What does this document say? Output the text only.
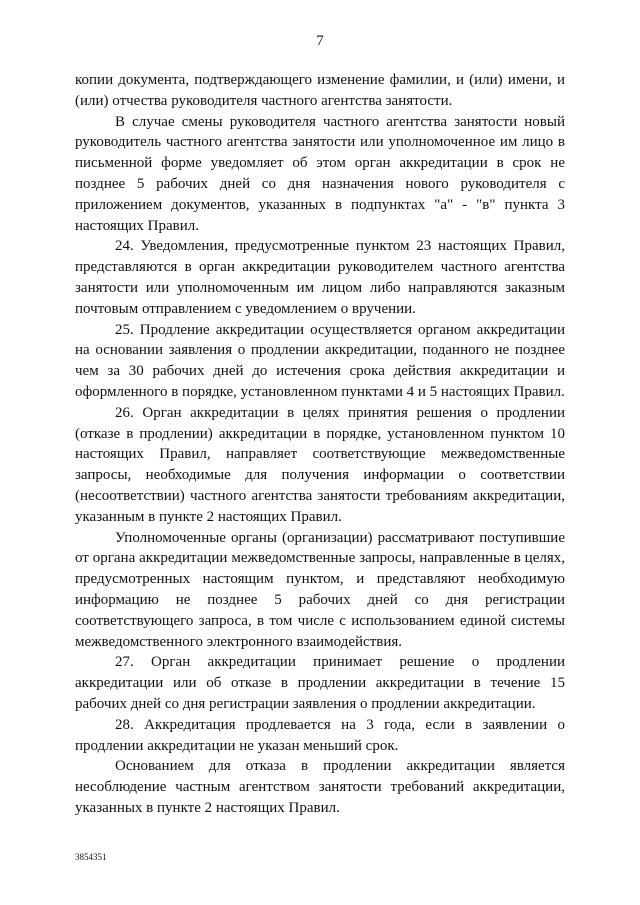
7

копии документа, подтверждающего изменение фамилии, и (или) имени, и (или) отчества руководителя частного агентства занятости.

В случае смены руководителя частного агентства занятости новый руководитель частного агентства занятости или уполномоченное им лицо в письменной форме уведомляет об этом орган аккредитации в срок не позднее 5 рабочих дней со дня назначения нового руководителя с приложением документов, указанных в подпунктах "а" - "в" пункта 3 настоящих Правил.

24. Уведомления, предусмотренные пунктом 23 настоящих Правил, представляются в орган аккредитации руководителем частного агентства занятости или уполномоченным им лицом либо направляются заказным почтовым отправлением с уведомлением о вручении.

25. Продление аккредитации осуществляется органом аккредитации на основании заявления о продлении аккредитации, поданного не позднее чем за 30 рабочих дней до истечения срока действия аккредитации и оформленного в порядке, установленном пунктами 4 и 5 настоящих Правил.

26. Орган аккредитации в целях принятия решения о продлении (отказе в продлении) аккредитации в порядке, установленном пунктом 10 настоящих Правил, направляет соответствующие межведомственные запросы, необходимые для получения информации о соответствии (несоответствии) частного агентства занятости требованиям аккредитации, указанным в пункте 2 настоящих Правил.

Уполномоченные органы (организации) рассматривают поступившие от органа аккредитации межведомственные запросы, направленные в целях, предусмотренных настоящим пунктом, и представляют необходимую информацию не позднее 5 рабочих дней со дня регистрации соответствующего запроса, в том числе с использованием единой системы межведомственного электронного взаимодействия.

27. Орган аккредитации принимает решение о продлении аккредитации или об отказе в продлении аккредитации в течение 15 рабочих дней со дня регистрации заявления о продлении аккредитации.

28. Аккредитация продлевается на 3 года, если в заявлении о продлении аккредитации не указан меньший срок.

Основанием для отказа в продлении аккредитации является несоблюдение частным агентством занятости требований аккредитации, указанных в пункте 2 настоящих Правил.

3854351
